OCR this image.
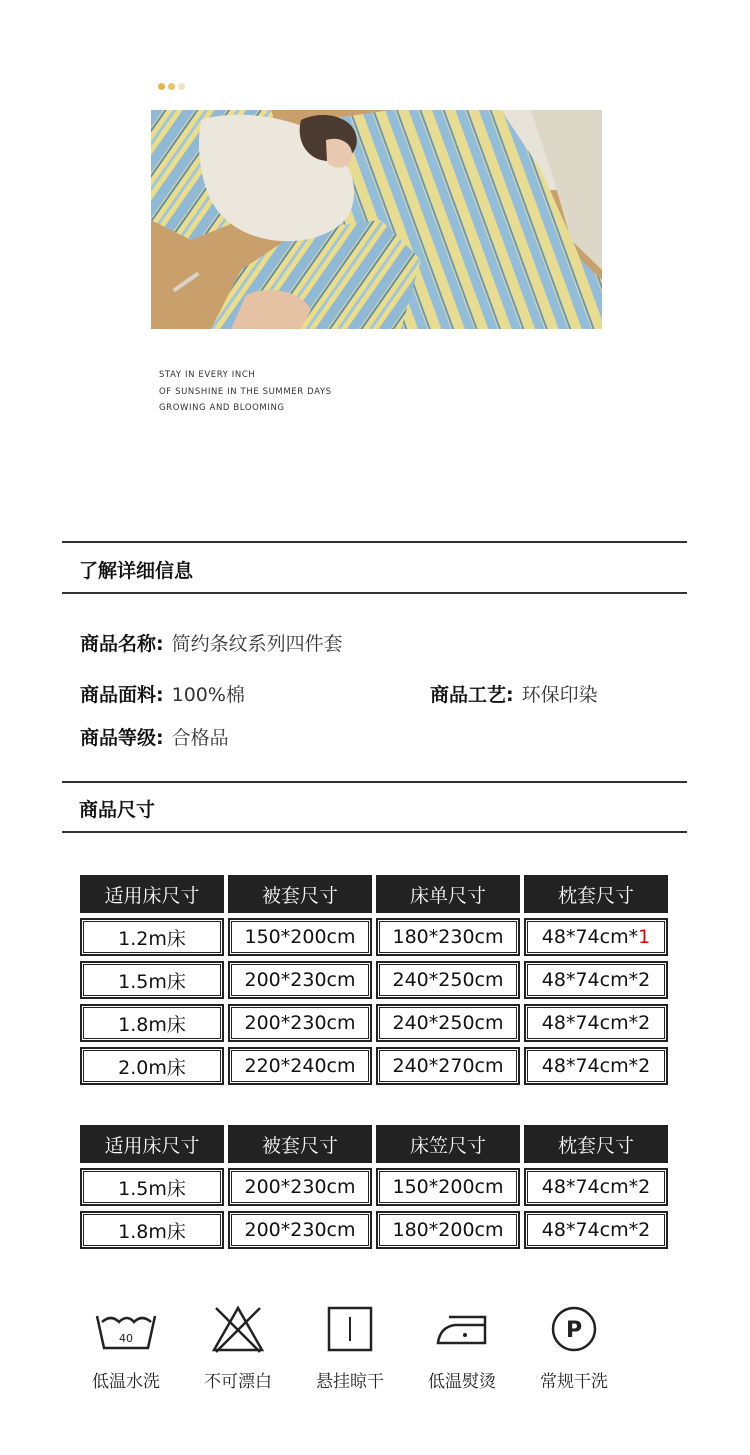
STAY IN EVERY INCH
OF SUNSHINE IN THE SUMMER DAYS
GROWING AND BLOOMING
了解详细信息
商品名称: 简约条纹系列四件套
商品面料: 100%棉	商品工艺: 环保印染
商品等级: 合格品
商品尺寸
适用床尺寸	被套尺寸	床单尺寸	枕套尺寸
1.2m床	150*200cm	180*230cm	48*74cm* 1
1.5m床	200*230cm	240*250cm	48*74cm*2
1.8m床	200*230cm	240*250cm	48*74cm*2
2.0m床	220*240cm	240*270cm	48*74cm*2
适用床尺寸	被套尺寸	床笠尺寸	枕套尺寸
1.5m床	200*230cm	150*200cm	48*74cm*2
1.8m床	200*230cm	180*200cm	48*74cm*2
40
低温水洗	不可漂白	悬挂晾干	低温熨烫
P
常规干洗
